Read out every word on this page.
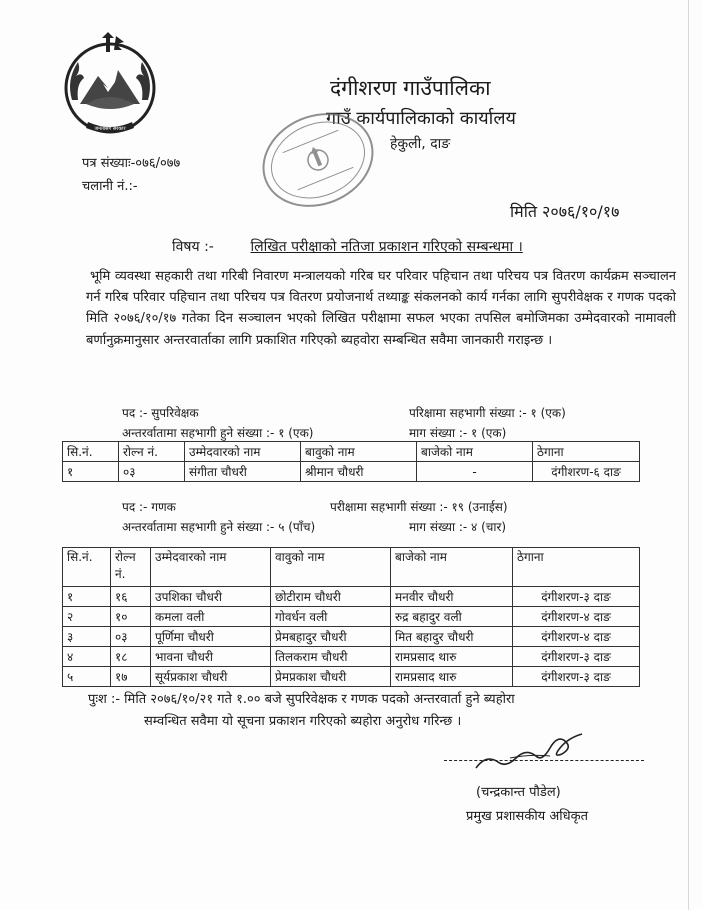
जनतासँग सरकार
दंगीशरण गाउँपालिका
गाउँ कार्यपालिकाको कार्यालय
हेकुली, दाङ
पत्र संख्याः-०७६/०७७
चलानी नं.:-
मिति २०७६/१०/१७
विषय :-	लिखित परीक्षाको नतिजा प्रकाशन गरिएको सम्बन्धमा ।
भूमि व्यवस्था सहकारी तथा गरिबी निवारण मन्त्रालयको गरिब घर परिवार पहिचान तथा परिचय पत्र वितरण कार्यक्रम सञ्चालन गर्न गरिब परिवार पहिचान तथा परिचय पत्र वितरण प्रयोजनार्थ तथ्याङ्क संकलनको कार्य गर्नका लागि सुपरीवेक्षक र गणक पदको मिति २०७६/१०/१७ गतेका दिन सञ्चालन भएको लिखित परीक्षामा सफल भएका तपसिल बमोजिमका उम्मेदवारको नामावली बर्णानुक्रमानुसार अन्तरवार्ताका लागि प्रकाशित गरिएको ब्यहवोरा सम्बन्धित सवैमा जानकारी गराइन्छ ।
पद :- सुपरिवेक्षक	परिक्षामा सहभागी संख्या :- १ (एक)
अन्तरर्वातामा सहभागी हुने संख्या :- १ (एक)	माग संख्या :- १ (एक)
सि.नं.	रोल्न नं.	उम्मेदवारको नाम	बावुको नाम	बाजेको नाम	ठेगाना
१	०३	संगीता चौधरी	श्रीमान चौधरी	-	दंगीशरण-६ दाङ
पद :- गणक	परीक्षामा सहभागी संख्या :- १९ (उनाईस)
अन्तरर्वातामा सहभागी हुने संख्या :- ५ (पाँच)	माग संख्या :- ४ (चार)
सि.नं.	रोल्न नं.	उम्मेदवारको नाम	वावुको नाम	बाजेको नाम	ठेगाना
१	१६	उपशिका चौधरी	छोटीराम चौधरी	मनवीर चौधरी	दंगीशरण-३ दाङ
२	१०	कमला वली	गोवर्धन वली	रुद्र बहादुर वली	दंगीशरण-४ दाङ
३	०३	पूर्णिमा चौधरी	प्रेमबहादुर चौधरी	मित बहादुर चौधरी	दंगीशरण-४ दाङ
४	१८	भावना चौधरी	तिलकराम चौधरी	रामप्रसाद थारु	दंगीशरण-३ दाङ
५	१७	सूर्यप्रकाश चौधरी	प्रेमप्रकाश चौधरी	रामप्रसाद थारु	दंगीशरण-३ दाङ
पुःश :- मिति २०७६/१०/२१ गते १.०० बजे सुपरिवेक्षक र गणक पदको अन्तरवार्ता हुने ब्यहोरा
सम्वन्धित सवैमा यो सूचना प्रकाशन गरिएको ब्यहोरा अनुरोध गरिन्छ ।
(चन्द्रकान्त पौडेल)
प्रमुख प्रशासकीय अधिकृत
